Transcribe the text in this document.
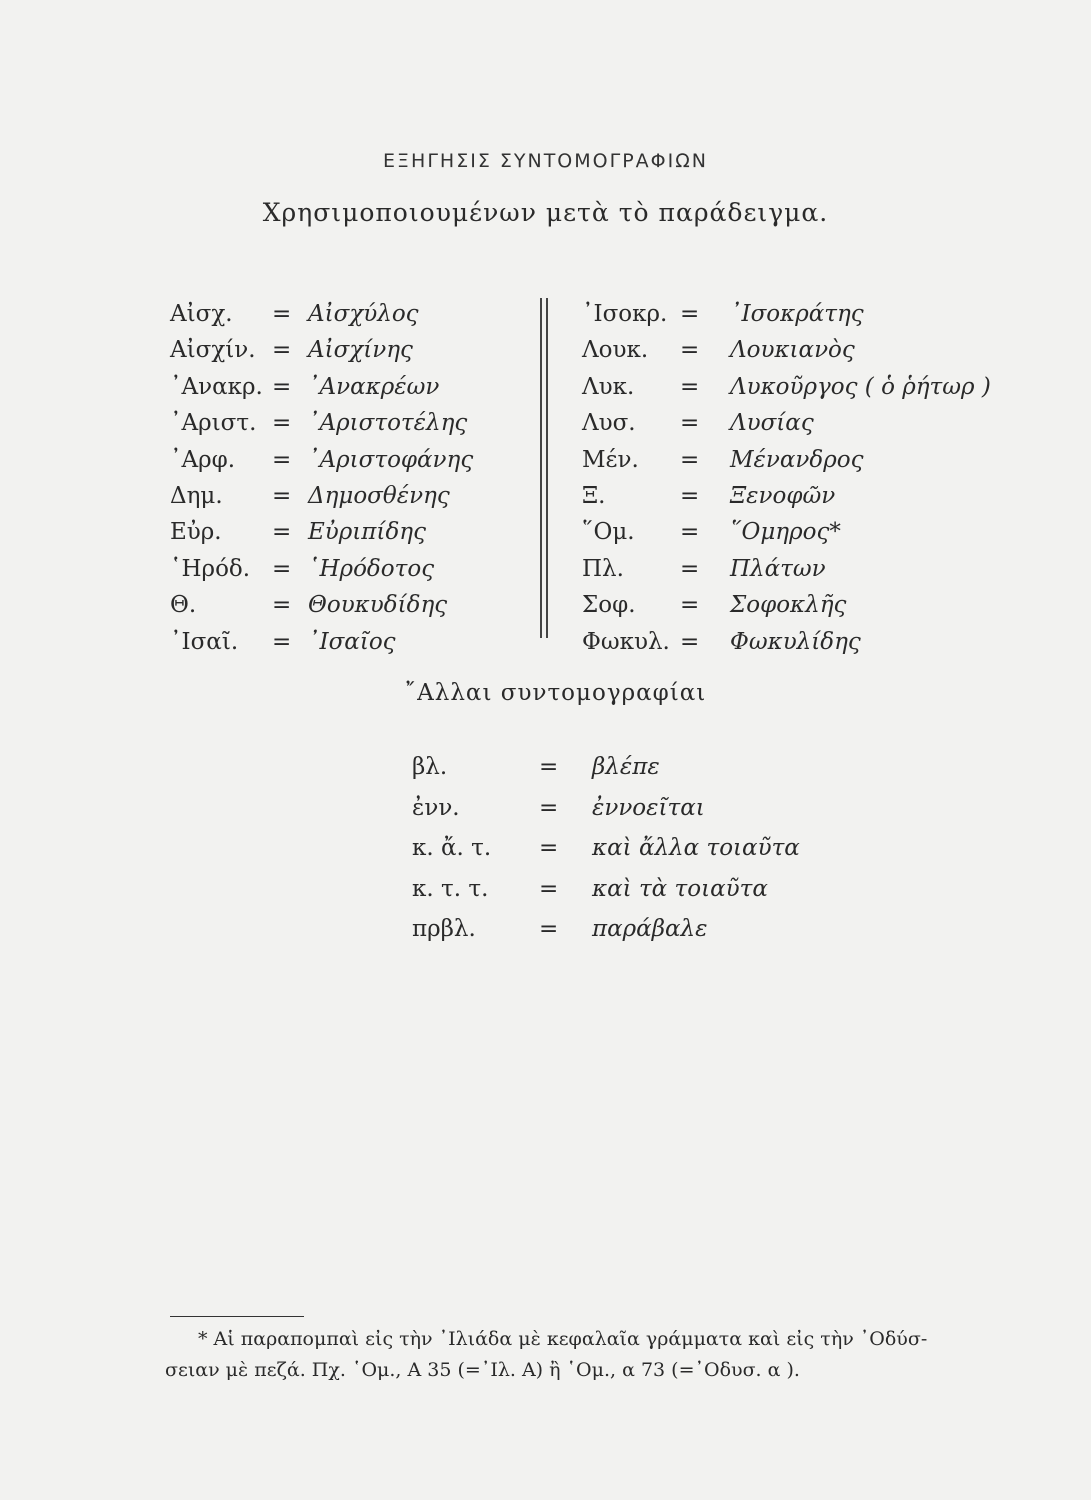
ΕΞΗΓΗΣΙΣ ΣΥΝΤΟΜΟΓΡΑΦΙΩΝ
Χρησιμοποιουμένων μετὰ τὸ παράδειγμα.
Αἰσχ. = Αἰσχύλος
Αἰσχίν. = Αἰσχίνης
᾿Ανακρ. = ᾿Ανακρέων
᾿Αριστ. = ᾿Αριστοτέλης
᾿Αρφ. = ᾿Αριστοφάνης
Δημ. = Δημοσθένης
Εὐρ. = Εὐριπίδης
῾Ηρόδ. = ῾Ηρόδοτος
Θ.	= Θουκυδίδης
᾿Ισαῖ. = ᾿Ισαῖος
᾿Ισοκρ. = ᾿Ισοκράτης
Λουκ. = Λουκιανὸς
Λυκ. = Λυκοῦργος ( ὁ ῥήτωρ )
Λυσ. = Λυσίας
Μέν. = Μένανδρος
Ξ.	= Ξενοφῶν
῞Ομ. = ῞Ομηρος*
Πλ. = Πλάτων
Σοφ. = Σοφοκλῆς
Φωκυλ. = Φωκυλίδης
῎Αλλαι συντομογραφίαι
βλ.	= βλέπε
ἐνν.	= ἐννοεῖται
κ. ἄ. τ. = καὶ ἄλλα τοιαῦτα
κ. τ. τ. = καὶ τὰ τοιαῦτα
πρβλ.	= παράβαλε
* Αἱ παραπομπαὶ εἰς τὴν ᾿Ιλιάδα μὲ κεφαλαῖα γράμματα καὶ εἰς τὴν ᾿Οδύσ-
σειαν μὲ πεζά. Πχ. ῾Ομ., Α 35 (=᾿Ιλ. Α) ἢ ῾Ομ., α 73 (=᾿Οδυσ. α ).
